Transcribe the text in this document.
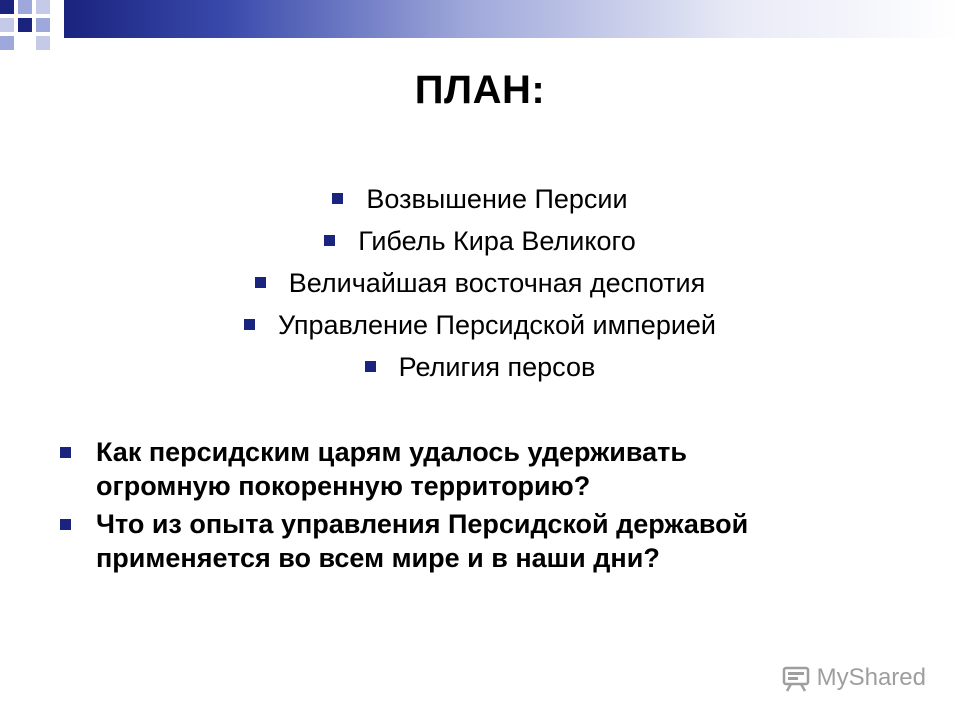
ПЛАН:
Возвышение Персии
Гибель Кира Великого
Величайшая восточная деспотия
Управление Персидской империей
Религия персов
Как персидским царям удалось удерживать
огромную покоренную территорию?
Что из опыта управления Персидской державой
применяется во всем мире и в наши дни?
MyShared
